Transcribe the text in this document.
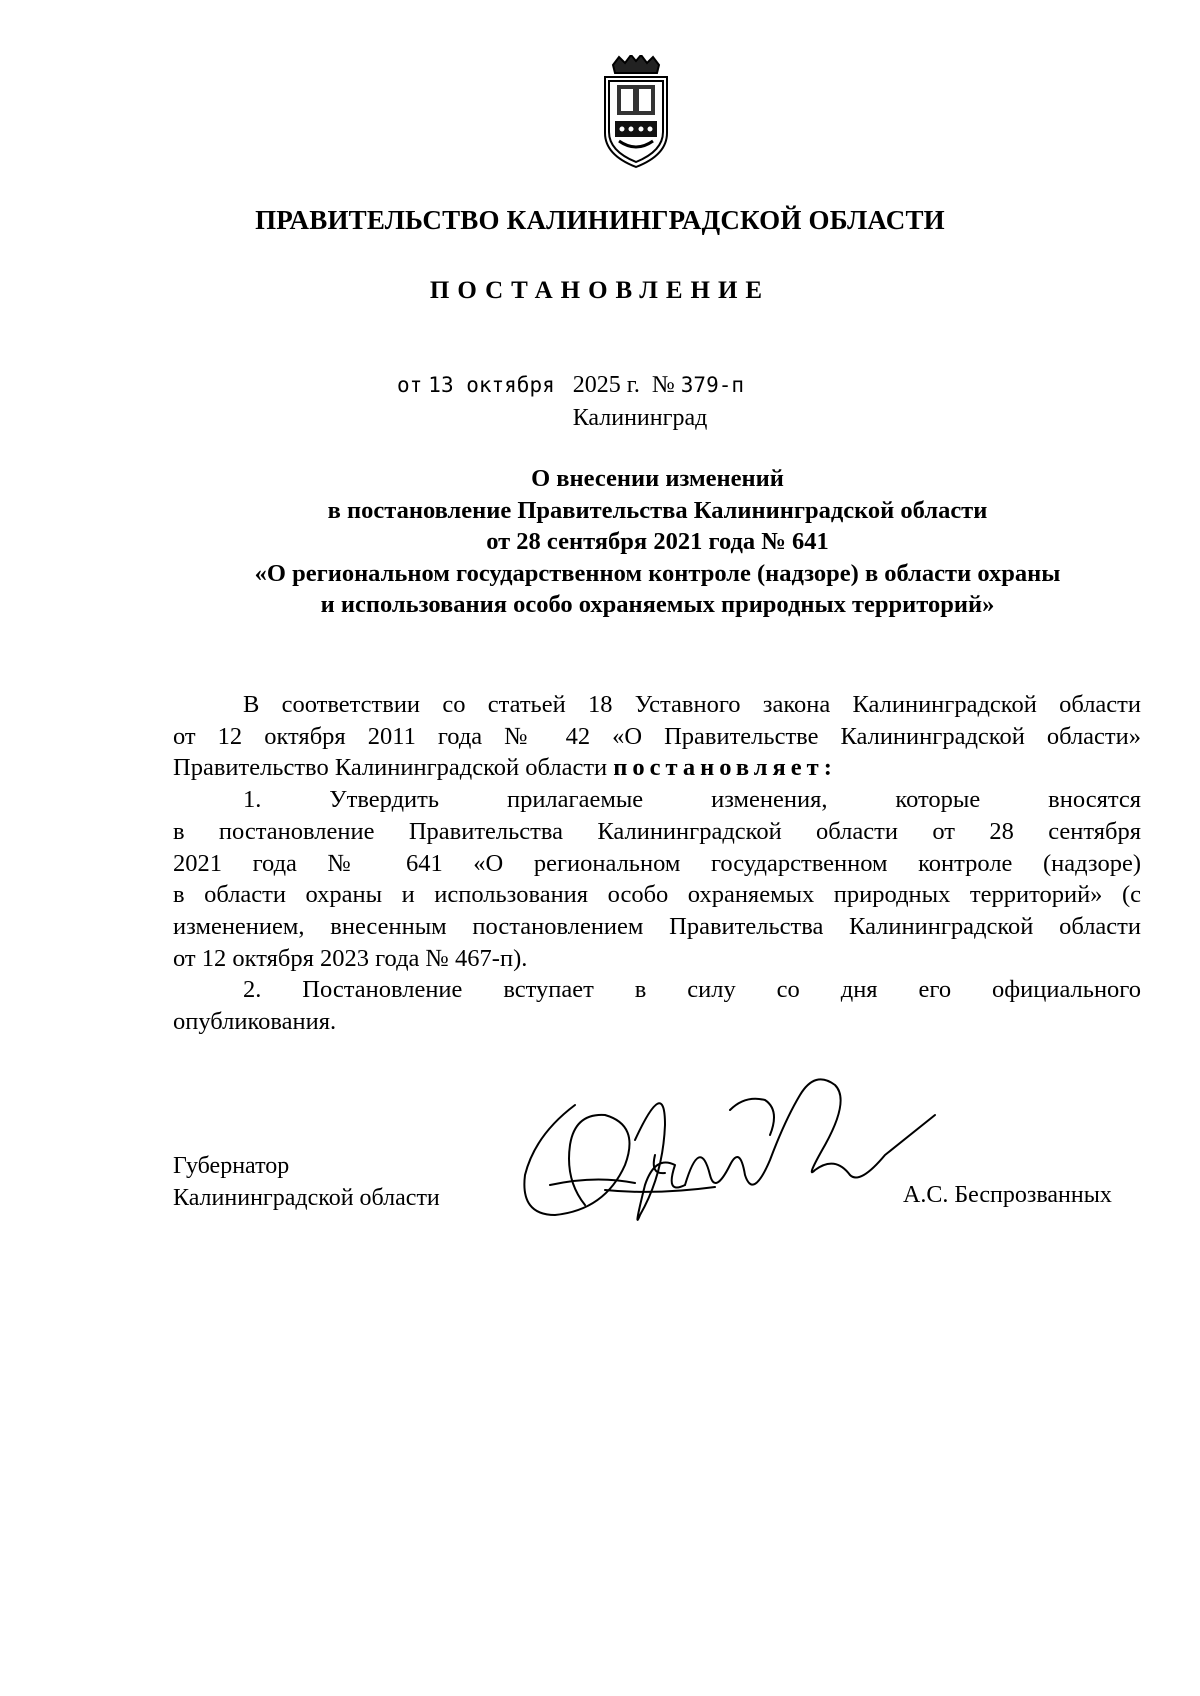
ПРАВИТЕЛЬСТВО КАЛИНИНГРАДСКОЙ ОБЛАСТИ
ПОСТАНОВЛЕНИЕ
от 13 октября 2025 г. № 379-п
Калининград
О внесении изменений
в постановление Правительства Калининградской области
от 28 сентября 2021 года № 641
«О региональном государственном контроле (надзоре) в области охраны
и использования особо охраняемых природных территорий»
В соответствии со статьей 18 Уставного закона Калининградской области
от 12 октября 2011 года № 42 «О Правительстве Калининградской области»
Правительство Калининградской области постановляет:
1.    Утвердить    прилагаемые    изменения,    которые    вносятся
в постановление Правительства Калининградской области от 28 сентября
2021 года № 641 «О региональном государственном контроле (надзоре)
в области охраны и использования особо охраняемых природных территорий» (с
изменением, внесенным постановлением Правительства Калининградской области
от 12 октября 2023 года № 467-п).
2. Постановление вступает в силу со дня его официального
опубликования.
Губернатор
Калининградской области	А.С. Беспрозванных
